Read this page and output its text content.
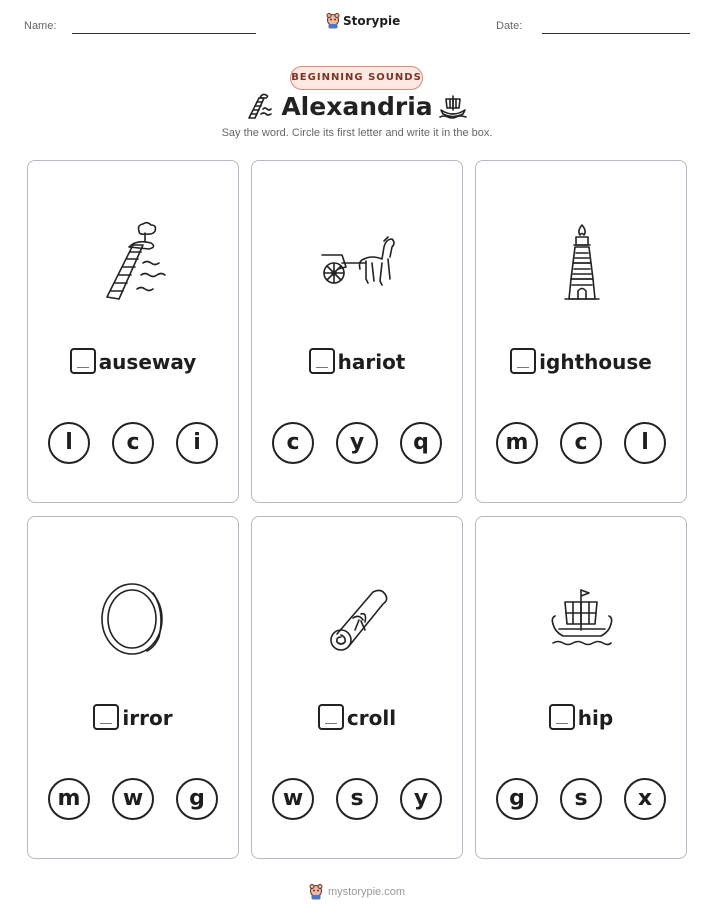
Name:	Storypie	Date:
BEGINNING SOUNDS
Alexandria
Say the word. Circle its first letter and write it in the box.
auseway
l	c	i
hariot
c	y	q
ighthouse
m	c	l
irror
m	w	g
croll
w	s	y
hip
g	s	x
mystorypie.com
